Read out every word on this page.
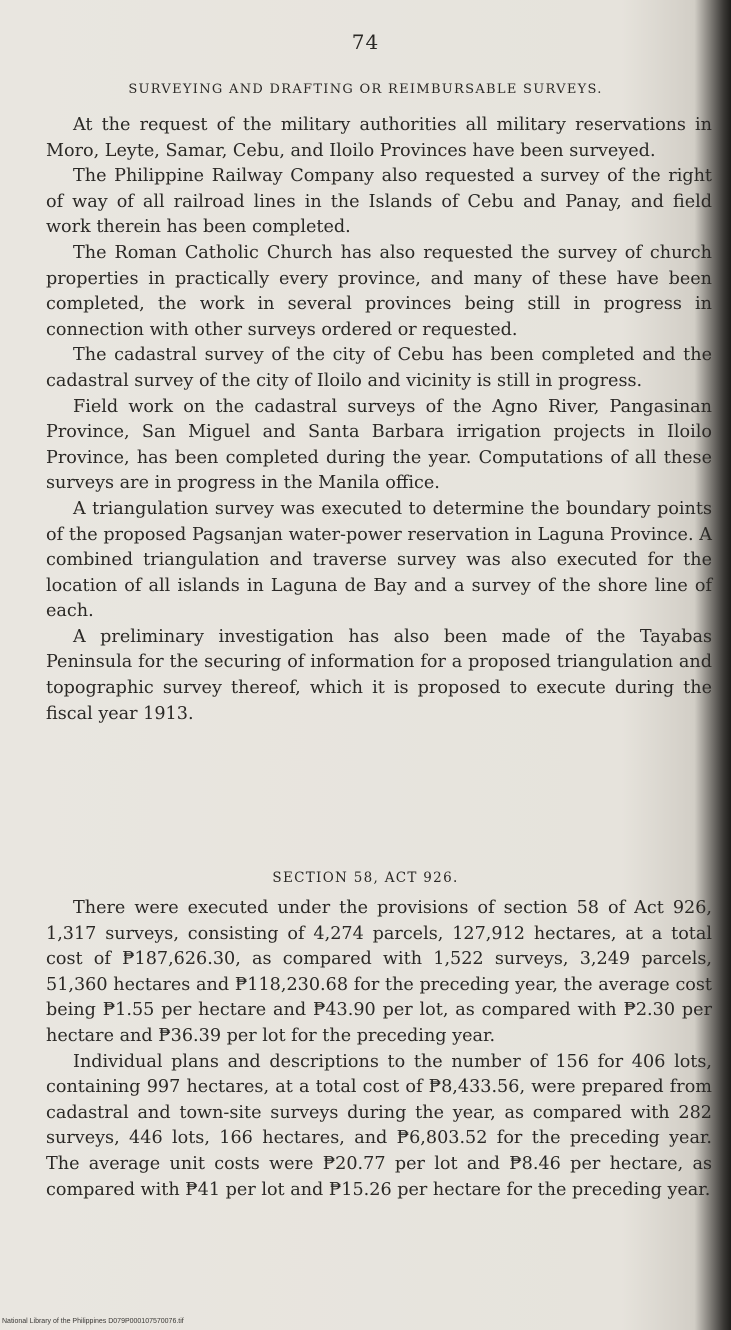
74
SURVEYING AND DRAFTING OR REIMBURSABLE SURVEYS.

At the request of the military authorities all military reservations in Moro, Leyte, Samar, Cebu, and Iloilo Provinces have been surveyed.

The Philippine Railway Company also requested a survey of the right of way of all railroad lines in the Islands of Cebu and Panay, and field work therein has been completed.

The Roman Catholic Church has also requested the survey of church properties in practically every province, and many of these have been completed, the work in several provinces being still in progress in connection with other surveys ordered or requested.

The cadastral survey of the city of Cebu has been completed and the cadastral survey of the city of Iloilo and vicinity is still in progress.

Field work on the cadastral surveys of the Agno River, Pangasinan Province, San Miguel and Santa Barbara irrigation projects in Iloilo Province, has been completed during the year. Computations of all these surveys are in progress in the Manila office.

A triangulation survey was executed to determine the boundary points of the proposed Pagsanjan water-power reservation in Laguna Province. A combined triangulation and traverse survey was also executed for the location of all islands in Laguna de Bay and a survey of the shore line of each.

A preliminary investigation has also been made of the Tayabas Peninsula for the securing of information for a proposed triangulation and topographic survey thereof, which it is proposed to execute during the fiscal year 1913.

SECTION 58, ACT 926.

There were executed under the provisions of section 58 of Act 926, 1,317 surveys, consisting of 4,274 parcels, 127,912 hectares, at a total cost of ₱187,626.30, as compared with 1,522 surveys, 3,249 parcels, 51,360 hectares and ₱118,230.68 for the preceding year, the average cost being ₱1.55 per hectare and ₱43.90 per lot, as compared with ₱2.30 per hectare and ₱36.39 per lot for the preceding year.

Individual plans and descriptions to the number of 156 for 406 lots, containing 997 hectares, at a total cost of ₱8,433.56, were prepared from cadastral and town-site surveys during the year, as compared with 282 surveys, 446 lots, 166 hectares, and ₱6,803.52 for the preceding year. The average unit costs were ₱20.77 per lot and ₱8.46 per hectare, as compared with ₱41 per lot and ₱15.26 per hectare for the preceding year.

National Library of the Philippines D079P000107570076.tif
